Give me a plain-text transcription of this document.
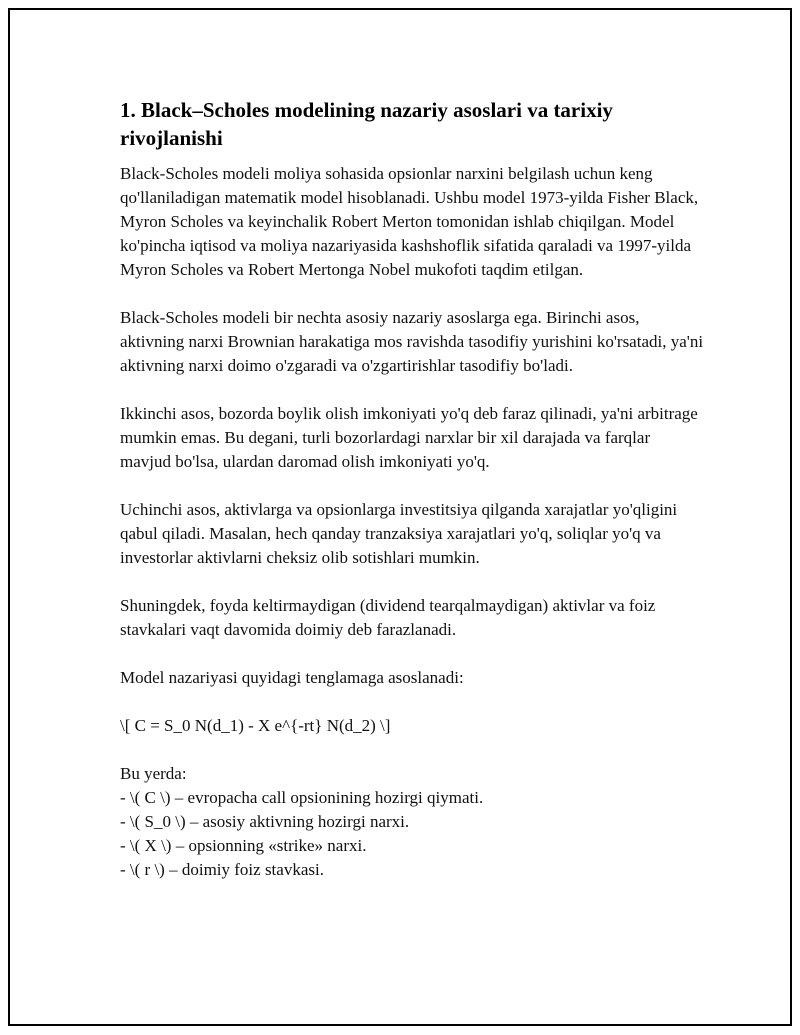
1. Black–Scholes modelining nazariy asoslari va tarixiy rivojlanishi

Black-Scholes modeli moliya sohasida opsionlar narxini belgilash uchun keng qo'llaniladigan matematik model hisoblanadi. Ushbu model 1973-yilda Fisher Black, Myron Scholes va keyinchalik Robert Merton tomonidan ishlab chiqilgan. Model ko'pincha iqtisod va moliya nazariyasida kashshoflik sifatida qaraladi va 1997-yilda Myron Scholes va Robert Mertonga Nobel mukofoti taqdim etilgan.

Black-Scholes modeli bir nechta asosiy nazariy asoslarga ega. Birinchi asos, aktivning narxi Brownian harakatiga mos ravishda tasodifiy yurishini ko'rsatadi, ya'ni aktivning narxi doimo o'zgaradi va o'zgartirishlar tasodifiy bo'ladi.

Ikkinchi asos, bozorda boylik olish imkoniyati yo'q deb faraz qilinadi, ya'ni arbitrage mumkin emas. Bu degani, turli bozorlardagi narxlar bir xil darajada va farqlar mavjud bo'lsa, ulardan daromad olish imkoniyati yo'q.

Uchinchi asos, aktivlarga va opsionlarga investitsiya qilganda xarajatlar yo'qligini qabul qiladi. Masalan, hech qanday tranzaksiya xarajatlari yo'q, soliqlar yo'q va investorlar aktivlarni cheksiz olib sotishlari mumkin.

Shuningdek, foyda keltirmaydigan (dividend tearqalmaydigan) aktivlar va foiz stavkalari vaqt davomida doimiy deb farazlanadi.

Model nazariyasi quyidagi tenglamaga asoslanadi:

\[ C = S_0 N(d_1) - X e^{-rt} N(d_2) \]

Bu yerda:
- \( C \) – evropacha call opsionining hozirgi qiymati.
- \( S_0 \) – asosiy aktivning hozirgi narxi.
- \( X \) – opsionning «strike» narxi.
- \( r \) – doimiy foiz stavkasi.
